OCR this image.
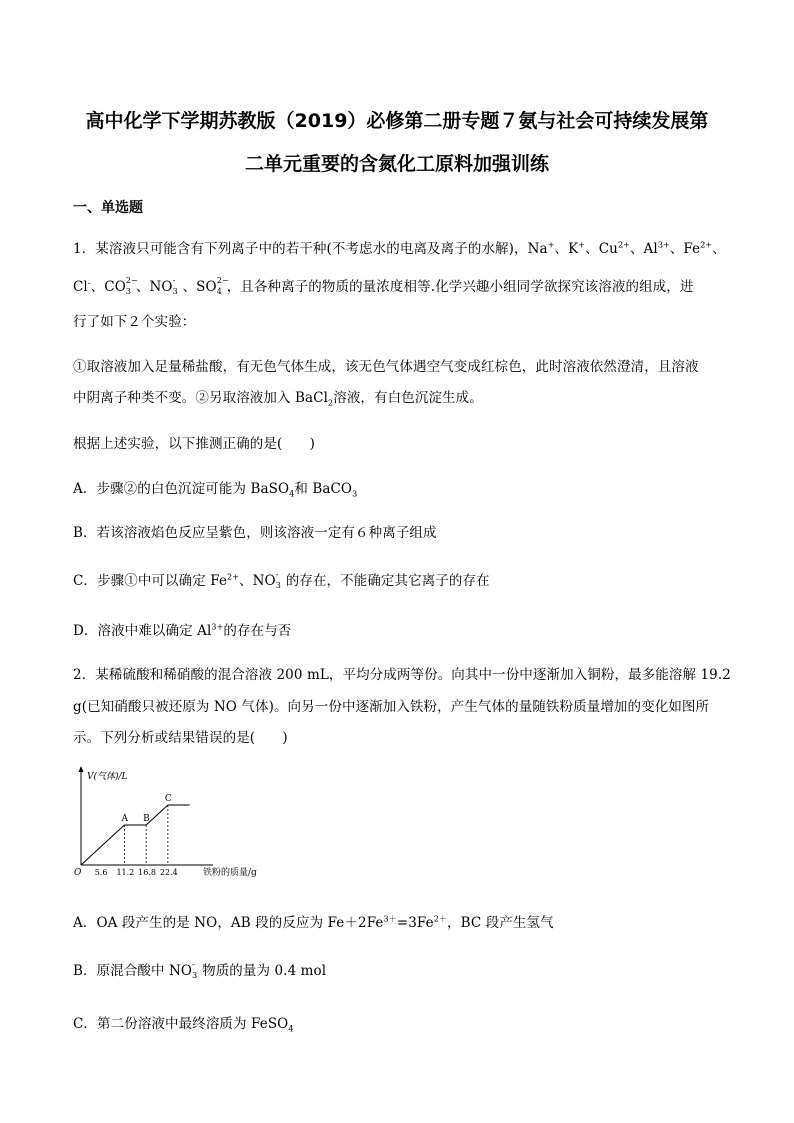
高中化学下学期苏教版（2019）必修第二册专题７氨与社会可持续发展第
二单元重要的含氮化工原料加强训练
一、单选题
1．某溶液只可能含有下列离子中的若干种(不考虑水的电离及离子的水解)，Na+、K+、$Cu^{2+}$、$Al^{3+}$、$Fe^{2+}$、
Cl-、CO 2−
3 、NO -
3 、SO 2−
4 ，且各种离子的物质的量浓度相等.化学兴趣小组同学欲探究该溶液的组成，进
行了如下２个实验：
①取溶液加入足量稀盐酸，有无色气体生成，该无色气体遇空气变成红棕色，此时溶液依然澄清，且溶液
中阴离子种类不变。②另取溶液加入 BaCl$_2$溶液，有白色沉淀生成。
根据上述实验，以下推测正确的是(　　)
A．步骤②的白色沉淀可能为 BaSO$_4$和 BaCO$_3$
B．若该溶液焰色反应呈紫色，则该溶液一定有６种离子组成
C．步骤①中可以确定 $Fe^{2+}$、NO -
3 的存在，不能确定其它离子的存在
D．溶液中难以确定 $Al^{3+}$的存在与否
2．某稀硫酸和稀硝酸的混合溶液 200 mL，平均分成两等份。向其中一份中逐渐加入铜粉，最多能溶解 19.2
g(已知硝酸只被还原为 NO 气体)。向另一份中逐渐加入铁粉，产生气体的量随铁粉质量增加的变化如图所
示。下列分析或结果错误的是(　　)
V(气体)/L
铁粉的质量/g
O
A B
C
5.6 11.2 16.8 22.4
A．OA 段产生的是 NO，AB 段的反应为 $Fe+2Fe^{3+}=3Fe^{2+}$，BC 段产生氢气
B．原混合酸中 NO -
3 物质的量为 0.4 mol
C．第二份溶液中最终溶质为 FeSO$_4$
